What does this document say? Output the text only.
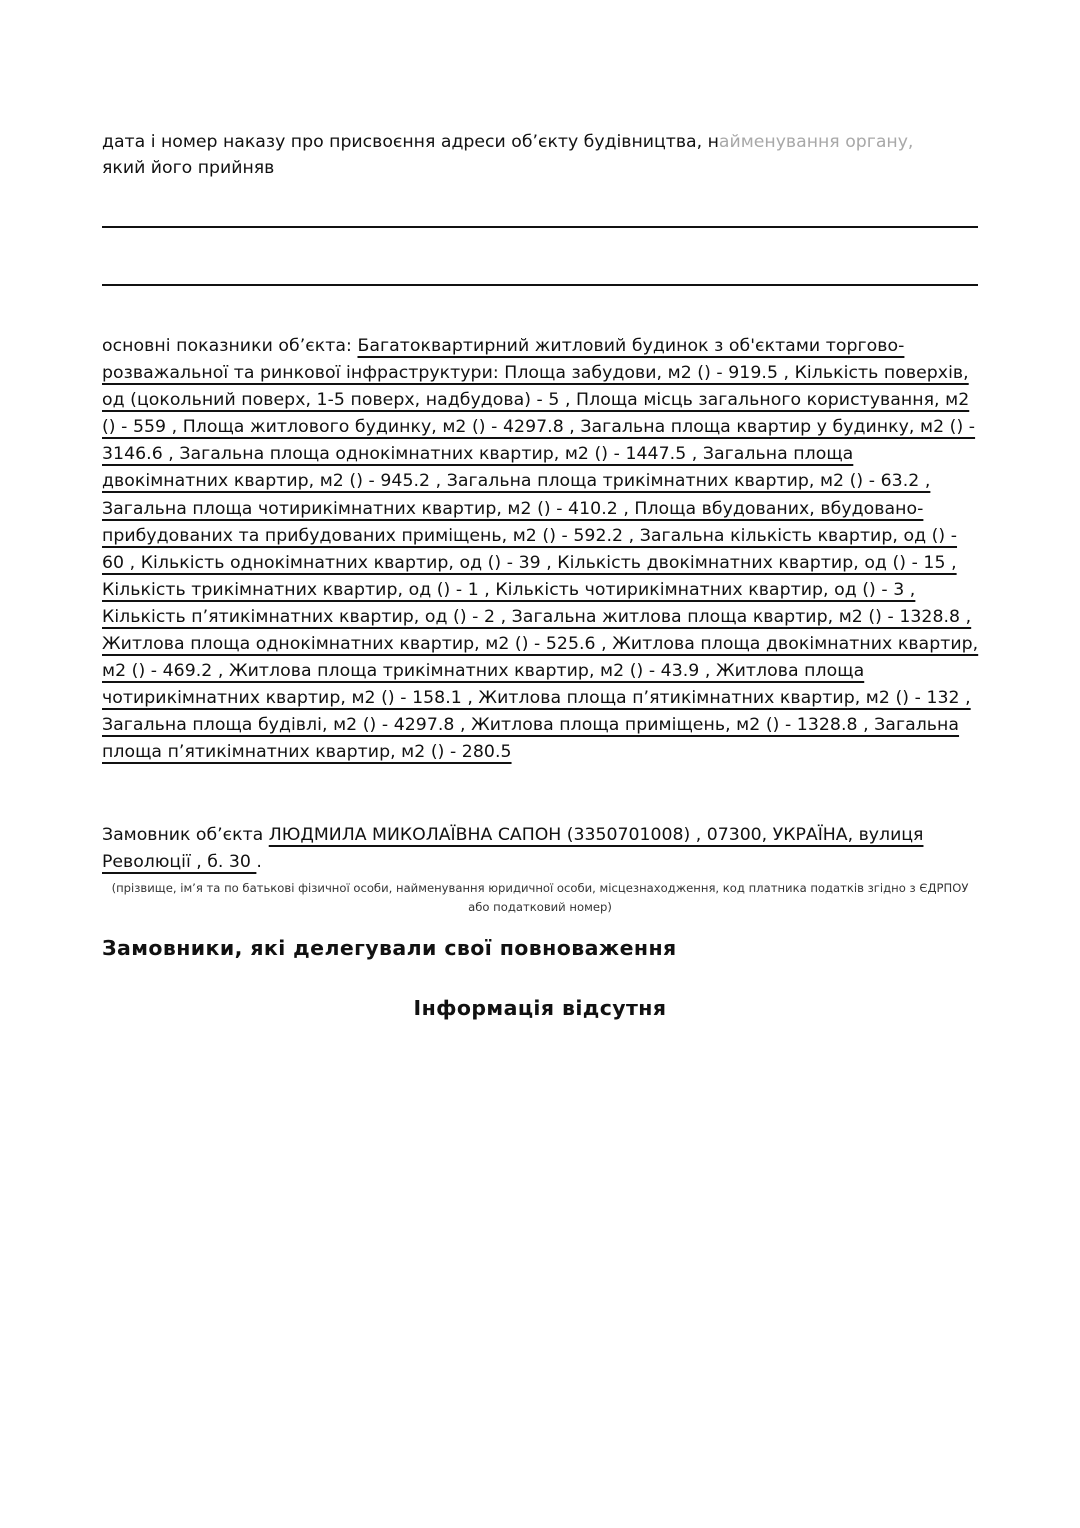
дата і номер наказу про присвоєння адреси об’єкту будівництва, найменування органу,
який його прийняв
основні показники об’єкта: Багатоквартирний житловий будинок з об'єктами торгово-розважальної та ринкової інфраструктури: Площа забудови, м2 () - 919.5 , Кількість поверхів, од (цокольний поверх, 1-5 поверх, надбудова) - 5 , Площа місць загального користування, м2 () - 559 , Площа житлового будинку, м2 () - 4297.8 , Загальна площа квартир у будинку, м2 () - 3146.6 , Загальна площа однокімнатних квартир, м2 () - 1447.5 , Загальна площа двокімнатних квартир, м2 () - 945.2 , Загальна площа трикімнатних квартир, м2 () - 63.2 , Загальна площа чотирикімнатних квартир, м2 () - 410.2 , Площа вбудованих, вбудовано-прибудованих та прибудованих приміщень, м2 () - 592.2 , Загальна кількість квартир, од () - 60 , Кількість однокімнатних квартир, од () - 39 , Кількість двокімнатних квартир, од () - 15 , Кількість трикімнатних квартир, од () - 1 , Кількість чотирикімнатних квартир, од () - 3 , Кількість п’ятикімнатних квартир, од () - 2 , Загальна житлова площа квартир, м2 () - 1328.8 , Житлова площа однокімнатних квартир, м2 () - 525.6 , Житлова площа двокімнатних квартир, м2 () - 469.2 , Житлова площа трикімнатних квартир, м2 () - 43.9 , Житлова площа чотирикімнатних квартир, м2 () - 158.1 , Житлова площа п’ятикімнатних квартир, м2 () - 132 , Загальна площа будівлі, м2 () - 4297.8 , Житлова площа приміщень, м2 () - 1328.8 , Загальна площа п’ятикімнатних квартир, м2 () - 280.5
Замовник об’єкта ЛЮДМИЛА МИКОЛАЇВНА САПОН (3350701008) , 07300, УКРАЇНА, вулиця Революції , б. 30 .
(прізвище, ім’я та по батькові фізичної особи, найменування юридичної особи, місцезнаходження, код платника податків згідно з ЄДРПОУ або податковий номер)
Замовники, які делегували свої повноваження
Інформація відсутня
